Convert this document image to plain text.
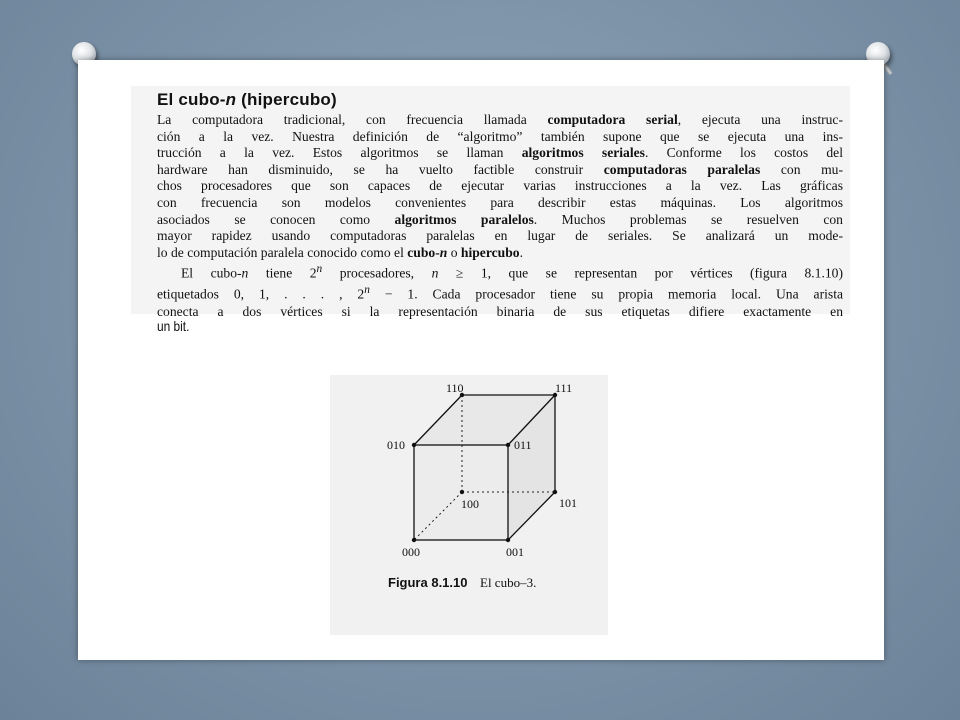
El cubo-n (hipercubo)

La computadora tradicional, con frecuencia llamada computadora serial, ejecuta una instruc-

ción a la vez. Nuestra definición de “algoritmo” también supone que se ejecuta una ins-

trucción a la vez. Estos algoritmos se llaman algoritmos seriales. Conforme los costos del

hardware han disminuido, se ha vuelto factible construir computadoras paralelas con mu-

chos procesadores que son capaces de ejecutar varias instrucciones a la vez. Las gráficas

con frecuencia son modelos convenientes para describir estas máquinas. Los algoritmos

asociados se conocen como algoritmos paralelos. Muchos problemas se resuelven con

mayor rapidez usando computadoras paralelas en lugar de seriales. Se analizará un mode-

lo de computación paralela conocido como el cubo-n o hipercubo.

El cubo-n tiene 2$^n$ procesadores, n ≥ 1, que se representan por vértices (figura 8.1.10)

etiquetados 0, 1, . . . , $2^n - 1$. Cada procesador tiene su propia memoria local. Una arista

conecta a dos vértices si la representación binaria de sus etiquetas difiere exactamente en

un bit.
000	001
010	011
100	101
110	111
Figura 8.1.10 El cubo–3.
